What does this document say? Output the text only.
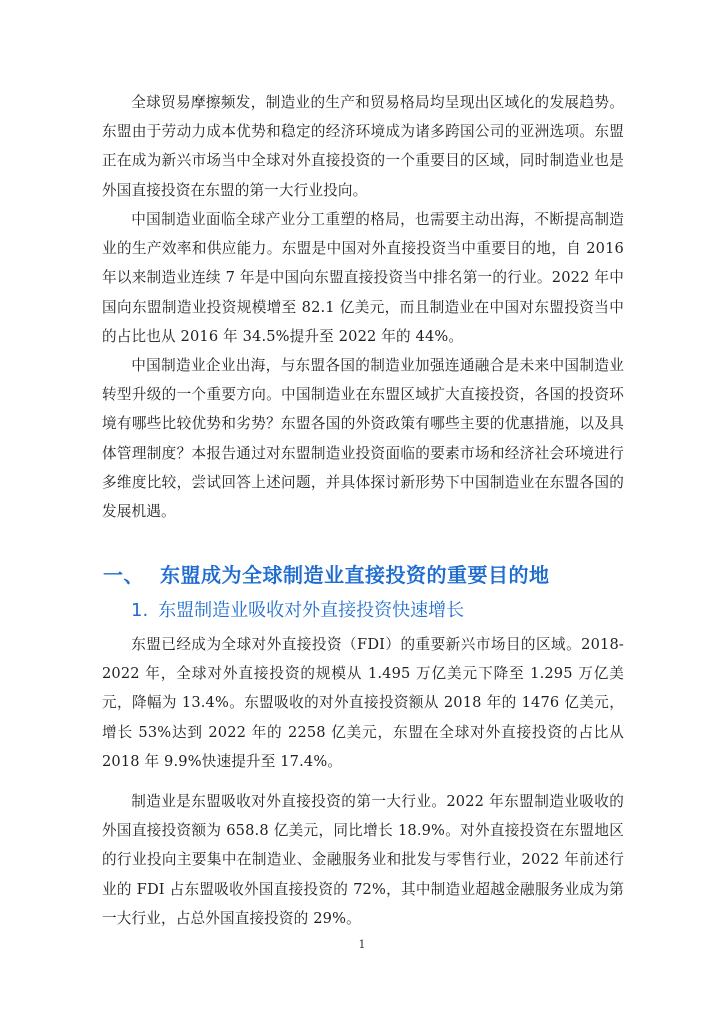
全球贸易摩擦频发，制造业的生产和贸易格局均呈现出区域化的发展趋势。东盟由于劳动力成本优势和稳定的经济环境成为诸多跨国公司的亚洲选项。东盟正在成为新兴市场当中全球对外直接投资的一个重要目的区域，同时制造业也是外国直接投资在东盟的第一大行业投向。

中国制造业面临全球产业分工重塑的格局，也需要主动出海，不断提高制造业的生产效率和供应能力。东盟是中国对外直接投资当中重要目的地，自 2016 年以来制造业连续 7 年是中国向东盟直接投资当中排名第一的行业。2022 年中国向东盟制造业投资规模增至 82.1 亿美元，而且制造业在中国对东盟投资当中的占比也从 2016 年 34.5%提升至 2022 年的 44%。

中国制造业企业出海，与东盟各国的制造业加强连通融合是未来中国制造业转型升级的一个重要方向。中国制造业在东盟区域扩大直接投资，各国的投资环境有哪些比较优势和劣势？东盟各国的外资政策有哪些主要的优惠措施，以及具体管理制度？本报告通过对东盟制造业投资面临的要素市场和经济社会环境进行多维度比较，尝试回答上述问题，并具体探讨新形势下中国制造业在东盟各国的发展机遇。

一、 东盟成为全球制造业直接投资的重要目的地
1. 东盟制造业吸收对外直接投资快速增长

东盟已经成为全球对外直接投资（FDI）的重要新兴市场目的区域。2018-2022 年，全球对外直接投资的规模从 1.495 万亿美元下降至 1.295 万亿美元，降幅为 13.4%。东盟吸收的对外直接投资额从 2018 年的 1476 亿美元，增长 53%达到 2022 年的 2258 亿美元，东盟在全球对外直接投资的占比从 2018 年 9.9%快速提升至 17.4%。

制造业是东盟吸收对外直接投资的第一大行业。2022 年东盟制造业吸收的外国直接投资额为 658.8 亿美元，同比增长 18.9%。对外直接投资在东盟地区的行业投向主要集中在制造业、金融服务业和批发与零售行业，2022 年前述行业的 FDI 占东盟吸收外国直接投资的 72%，其中制造业超越金融服务业成为第一大行业，占总外国直接投资的 29%。

1
